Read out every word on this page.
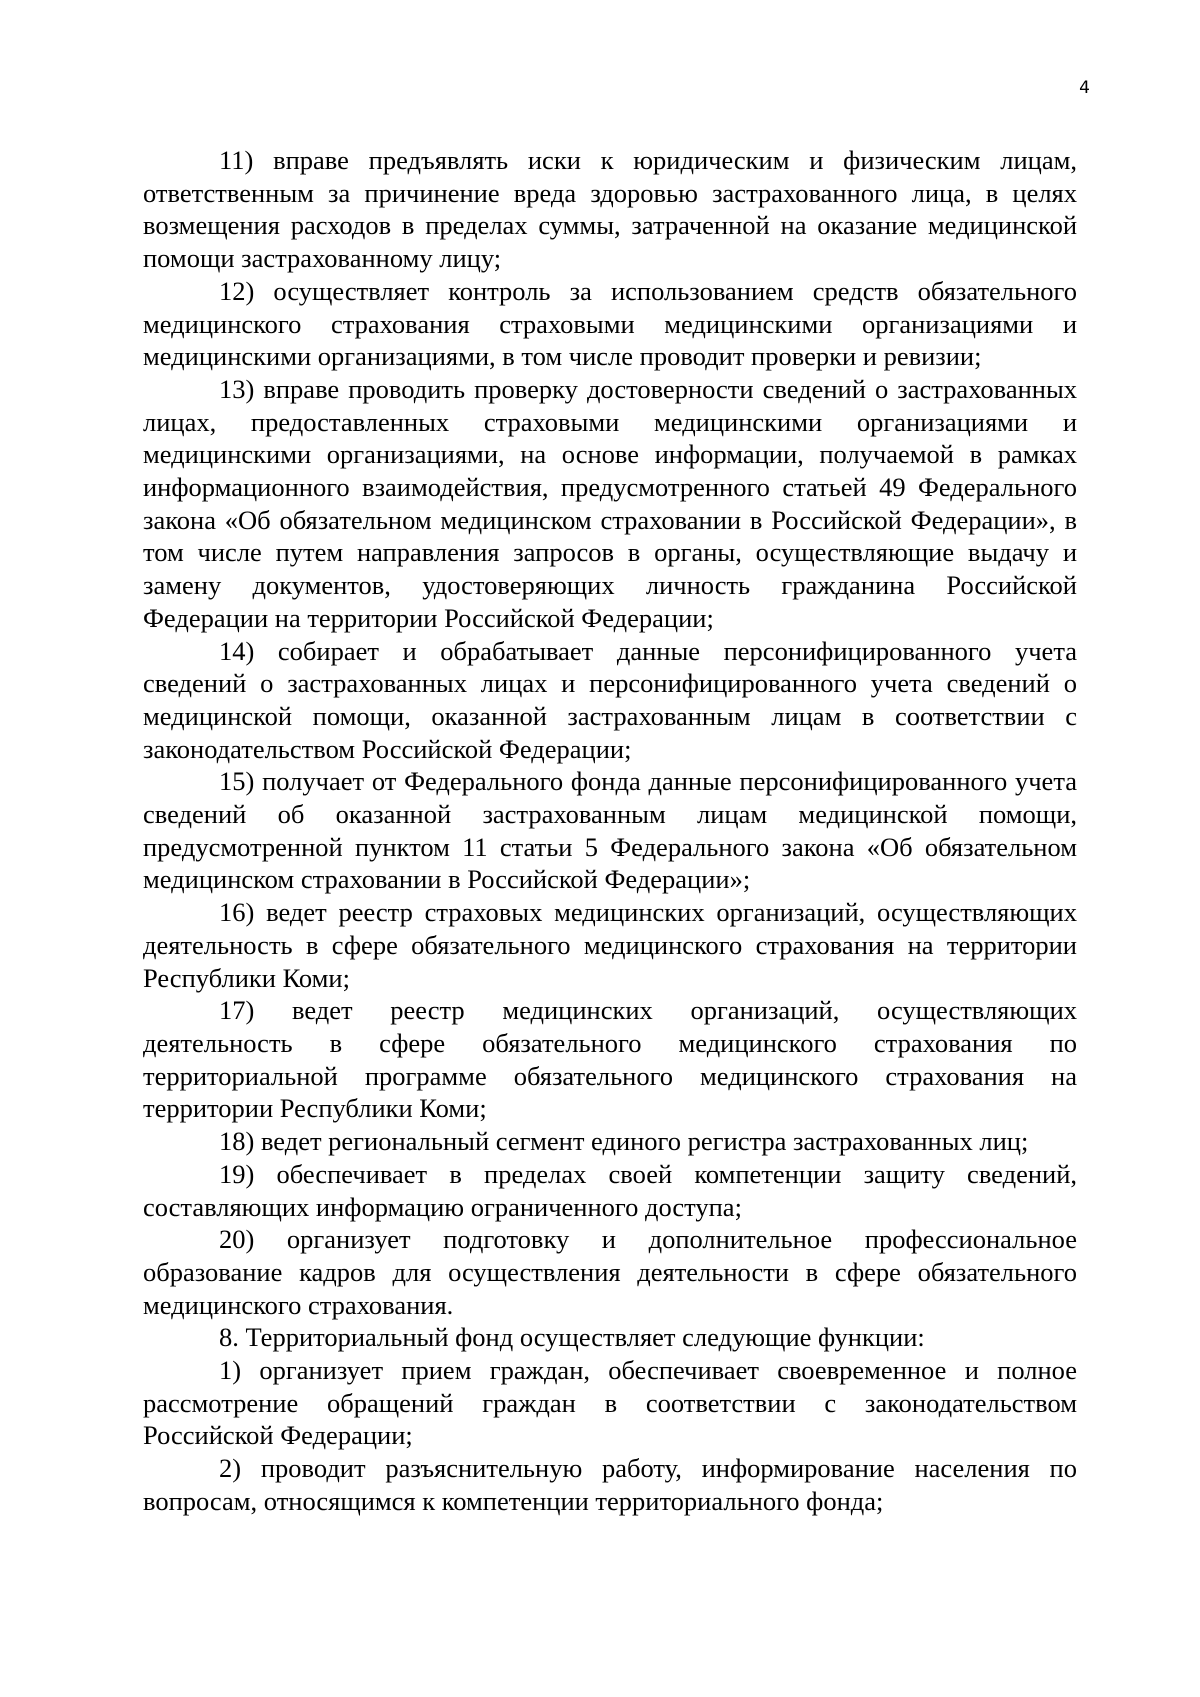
4

11) вправе предъявлять иски к юридическим и физическим лицам, ответственным за причинение вреда здоровью застрахованного лица, в целях возмещения расходов в пределах суммы, затраченной на оказание медицинской помощи застрахованному лицу;

12) осуществляет контроль за использованием средств обязательного медицинского страхования страховыми медицинскими организациями и медицинскими организациями, в том числе проводит проверки и ревизии;

13) вправе проводить проверку достоверности сведений о застрахованных лицах, предоставленных страховыми медицинскими организациями и медицинскими организациями, на основе информации, получаемой в рамках информационного взаимодействия, предусмотренного статьей 49 Федерального закона «Об обязательном медицинском страховании в Российской Федерации», в том числе путем направления запросов в органы, осуществляющие выдачу и замену документов, удостоверяющих личность гражданина Российской Федерации на территории Российской Федерации;

14) собирает и обрабатывает данные персонифицированного учета сведений о застрахованных лицах и персонифицированного учета сведений о медицинской помощи, оказанной застрахованным лицам в соответствии с законодательством Российской Федерации;

15) получает от Федерального фонда данные персонифицированного учета сведений об оказанной застрахованным лицам медицинской помощи, предусмотренной пунктом 11 статьи 5 Федерального закона «Об обязательном медицинском страховании в Российской Федерации»;

16) ведет реестр страховых медицинских организаций, осуществляющих деятельность в сфере обязательного медицинского страхования на территории Республики Коми;

17) ведет реестр медицинских организаций, осуществляющих деятельность в сфере обязательного медицинского страхования по территориальной программе обязательного медицинского страхования на территории Республики Коми;

18) ведет региональный сегмент единого регистра застрахованных лиц;

19) обеспечивает в пределах своей компетенции защиту сведений, составляющих информацию ограниченного доступа;

20) организует подготовку и дополнительное профессиональное образование кадров для осуществления деятельности в сфере обязательного медицинского страхования.

8. Территориальный фонд осуществляет следующие функции:

1) организует прием граждан, обеспечивает своевременное и полное рассмотрение обращений граждан в соответствии с законодательством Российской Федерации;

2) проводит разъяснительную работу, информирование населения по вопросам, относящимся к компетенции территориального фонда;
